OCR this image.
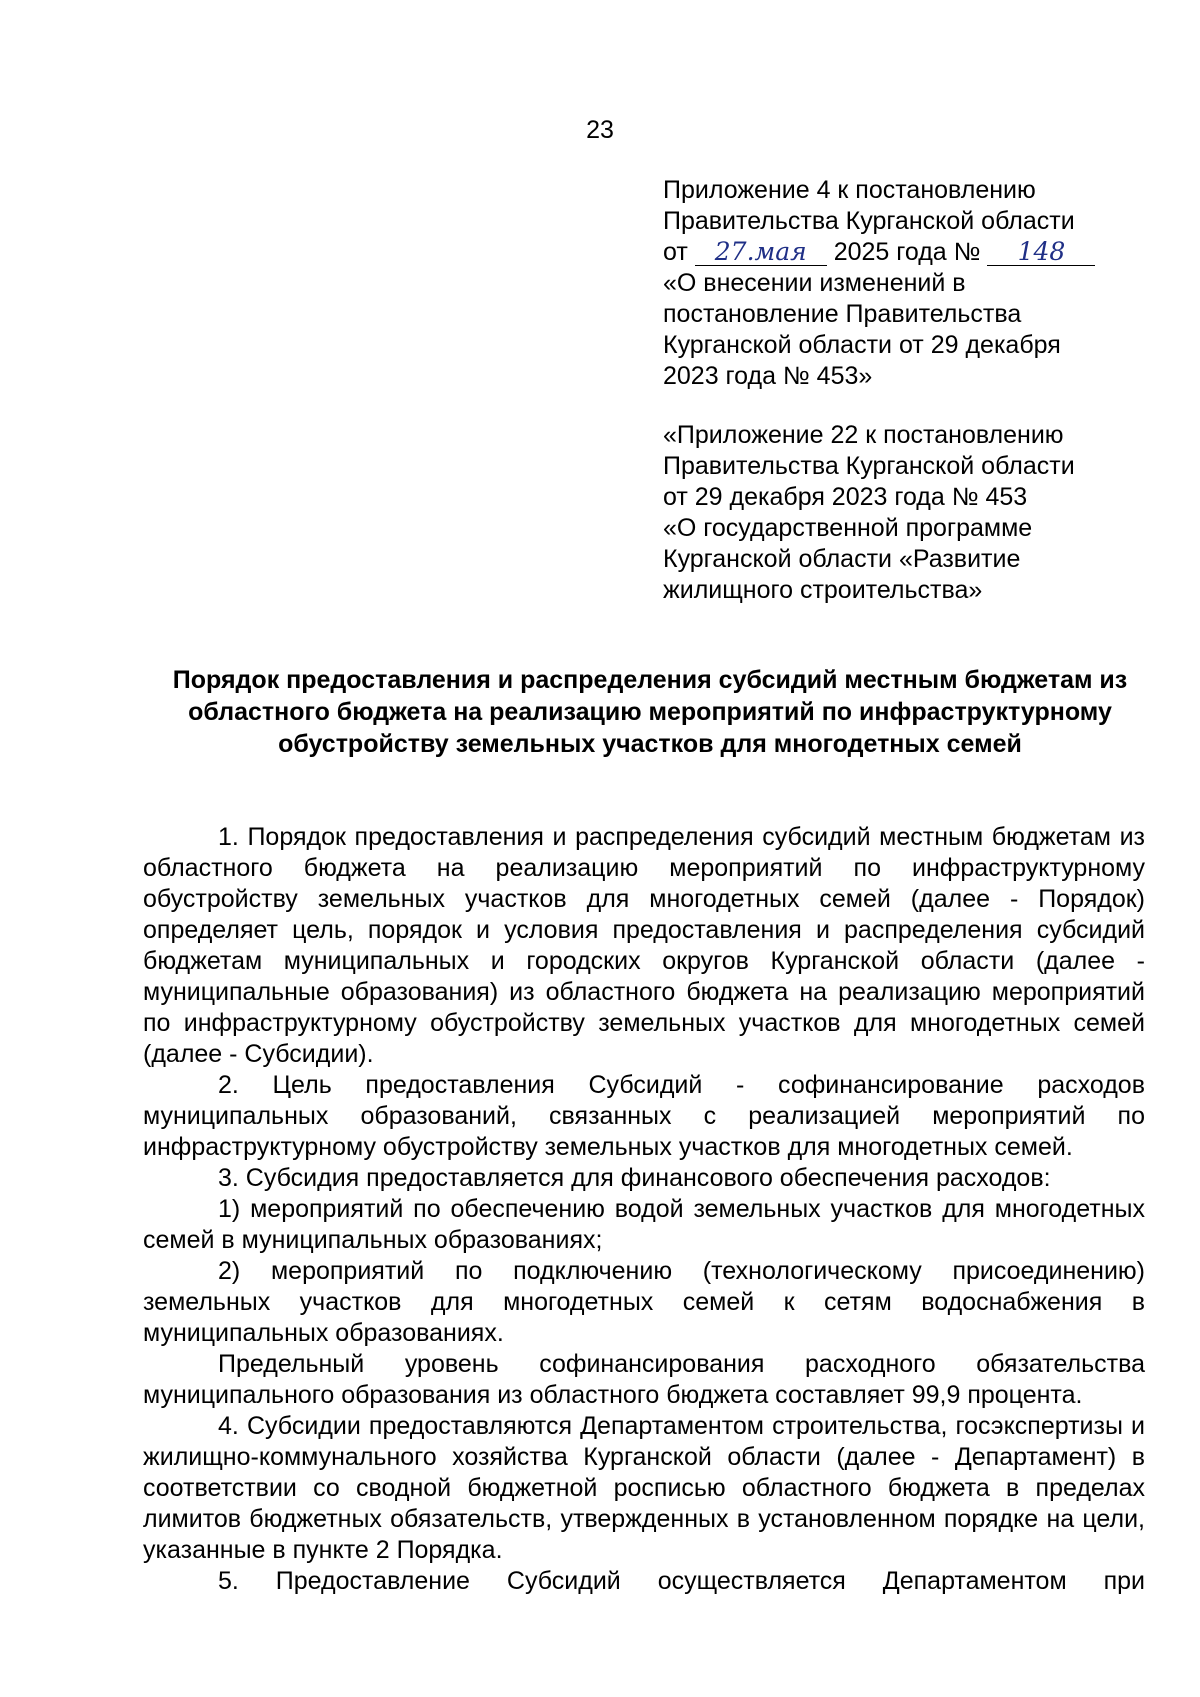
23

Приложение 4 к постановлению

Правительства Курганской области

от 27.мая 2025 года № 148

«О внесении изменений в

постановление Правительства

Курганской области от 29 декабря

2023 года № 453»

«Приложение 22 к постановлению

Правительства Курганской области

от 29 декабря 2023 года № 453

«О государственной программе

Курганской области «Развитие

жилищного строительства»

Порядок предоставления и распределения субсидий местным бюджетам из
областного бюджета на реализацию мероприятий по инфраструктурному
обустройству земельных участков для многодетных семей

1. Порядок предоставления и распределения субсидий местным бюджетам из областного бюджета на реализацию мероприятий по инфраструктурному обустройству земельных участков для многодетных семей (далее - Порядок) определяет цель, порядок и условия предоставления и распределения субсидий бюджетам муниципальных и городских округов Курганской области (далее - муниципальные образования) из областного бюджета на реализацию мероприятий по инфраструктурному обустройству земельных участков для многодетных семей (далее - Субсидии).

2. Цель предоставления Субсидий - софинансирование расходов муниципальных образований, связанных с реализацией мероприятий по инфраструктурному обустройству земельных участков для многодетных семей.

3. Субсидия предоставляется для финансового обеспечения расходов:

1) мероприятий по обеспечению водой земельных участков для многодетных семей в муниципальных образованиях;

2) мероприятий по подключению (технологическому присоединению) земельных участков для многодетных семей к сетям водоснабжения в муниципальных образованиях.

Предельный уровень софинансирования расходного обязательства муниципального образования из областного бюджета составляет 99,9 процента.

4. Субсидии предоставляются Департаментом строительства, госэкспертизы и жилищно-коммунального хозяйства Курганской области (далее - Департамент) в соответствии со сводной бюджетной росписью областного бюджета в пределах лимитов бюджетных обязательств, утвержденных в установленном порядке на цели, указанные в пункте 2 Порядка.

5. Предоставление Субсидий осуществляется Департаментом при
